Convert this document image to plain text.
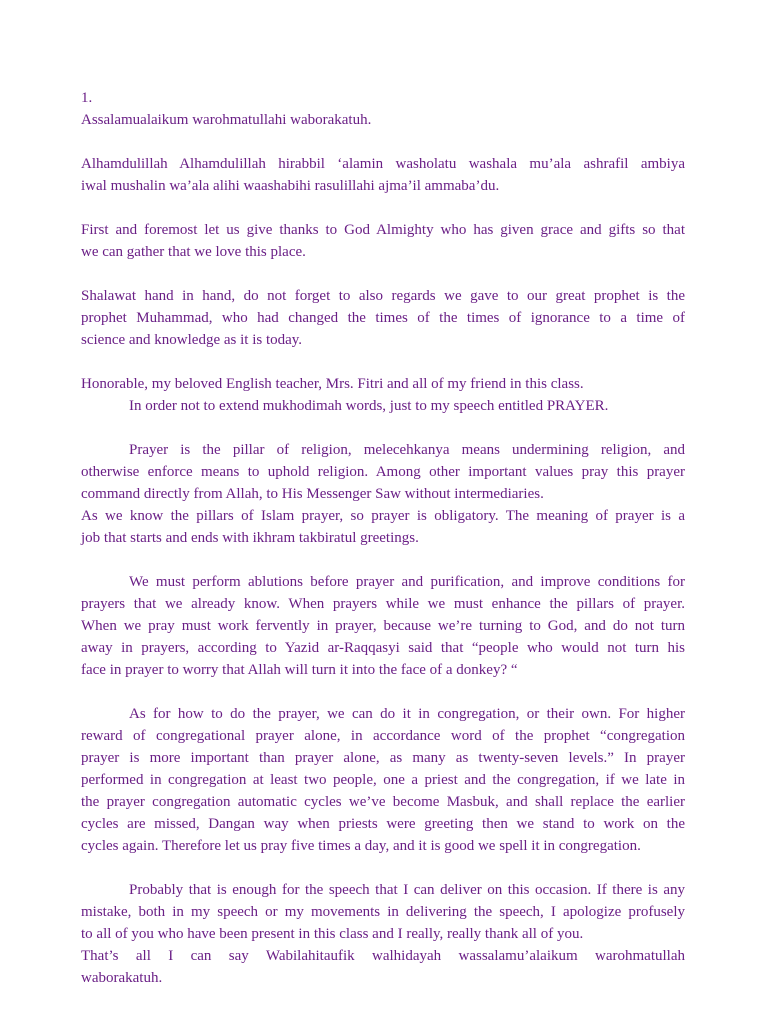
1.
Assalamualaikum warohmatullahi waborakatuh.
Alhamdulillah Alhamdulillah hirabbil ‘alamin washolatu washala mu’ala ashrafil ambiya
iwal mushalin wa’ala alihi waashabihi rasulillahi ajma’il ammaba’du.
First and foremost let us give thanks to God Almighty who has given grace and gifts so that
we can gather that we love this place.
Shalawat hand in hand, do not forget to also regards we gave to our great prophet is the
prophet Muhammad, who had changed the times of the times of ignorance to a time of
science and knowledge as it is today.
Honorable, my beloved English teacher, Mrs. Fitri and all of my friend in this class.
In order not to extend mukhodimah words, just to my speech entitled PRAYER.
Prayer is the pillar of religion, melecehkanya means undermining religion, and
otherwise enforce means to uphold religion. Among other important values pray this prayer
command directly from Allah, to His Messenger Saw without intermediaries.
As we know the pillars of Islam prayer, so prayer is obligatory. The meaning of prayer is a
job that starts and ends with ikhram takbiratul greetings.
We must perform ablutions before prayer and purification, and improve conditions for
prayers that we already know. When prayers while we must enhance the pillars of prayer.
When we pray must work fervently in prayer, because we’re turning to God, and do not turn
away in prayers, according to Yazid ar-Raqqasyi said that “people who would not turn his
face in prayer to worry that Allah will turn it into the face of a donkey? “
As for how to do the prayer, we can do it in congregation, or their own. For higher
reward of congregational prayer alone, in accordance word of the prophet “congregation
prayer is more important than prayer alone, as many as twenty-seven levels.” In prayer
performed in congregation at least two people, one a priest and the congregation, if we late in
the prayer congregation automatic cycles we’ve become Masbuk, and shall replace the earlier
cycles are missed, Dangan way when priests were greeting then we stand to work on the
cycles again. Therefore let us pray five times a day, and it is good we spell it in congregation.
Probably that is enough for the speech that I can deliver on this occasion. If there is any
mistake, both in my speech or my movements in delivering the speech, I apologize profusely
to all of you who have been present in this class and I really, really thank all of you.
That’s all I can say Wabilahitaufik walhidayah wassalamu’alaikum warohmatullah
waborakatuh.
